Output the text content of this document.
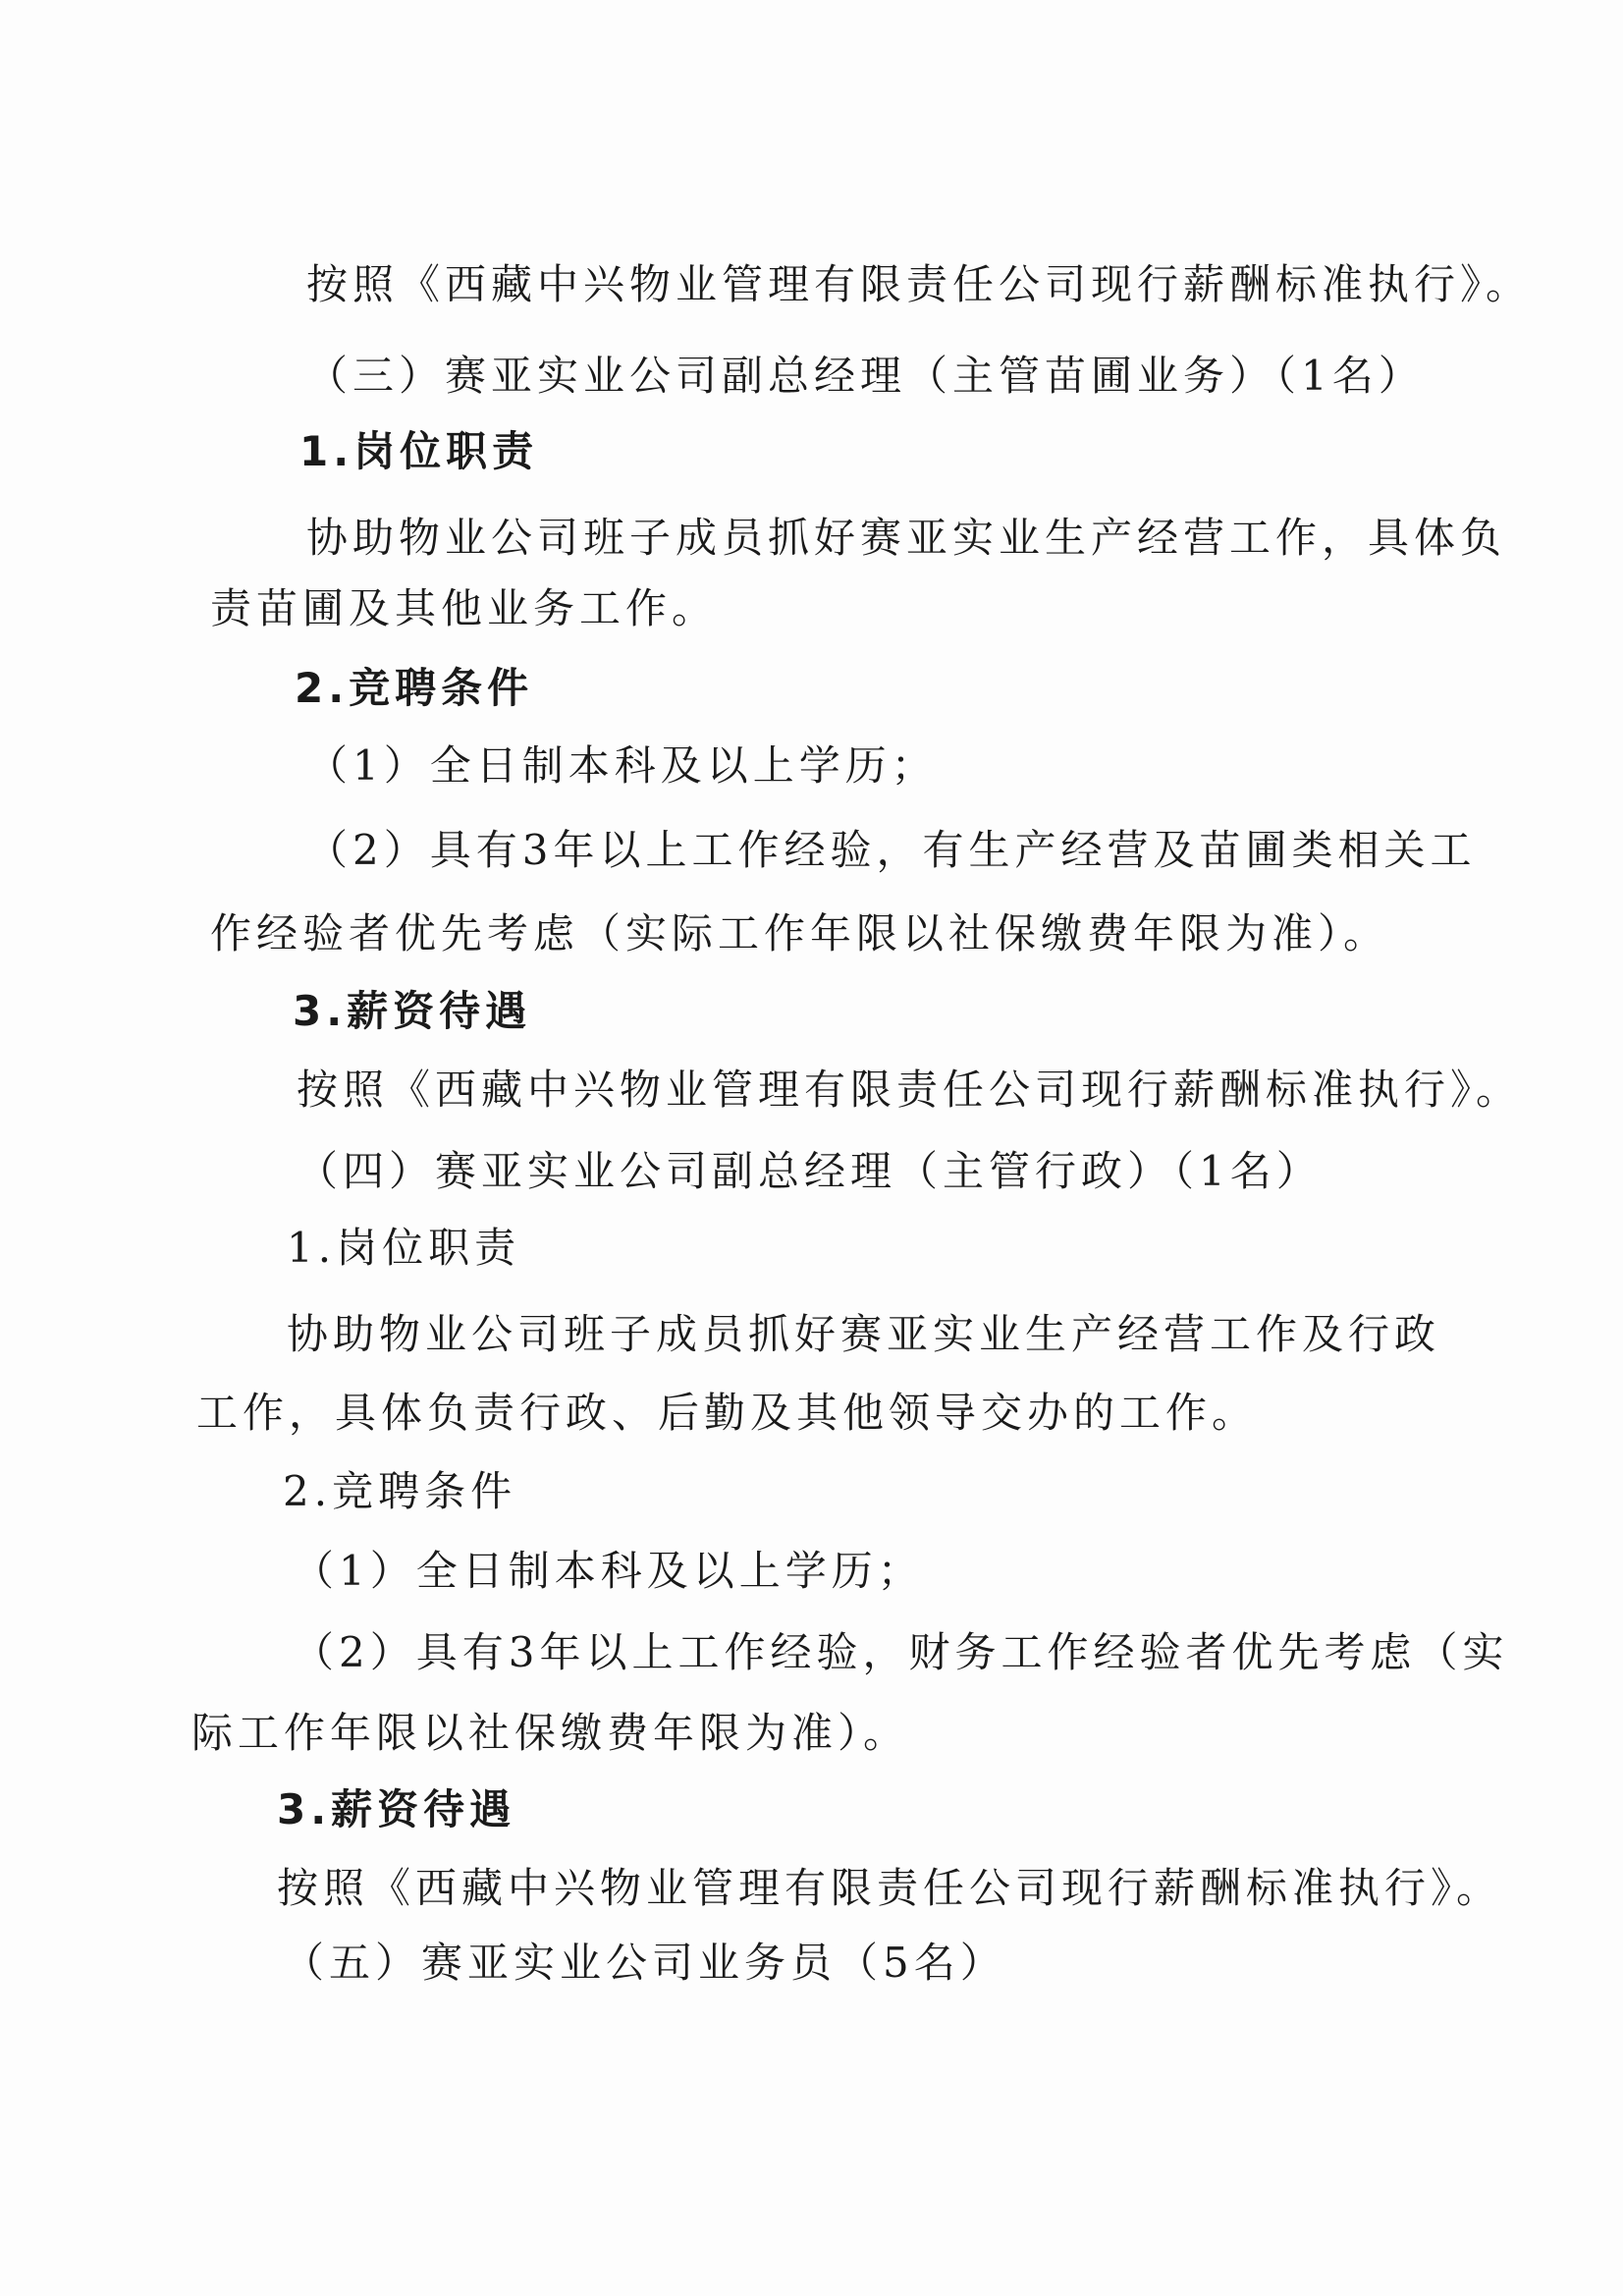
按照《西藏中兴物业管理有限责任公司现行薪酬标准执行》。
（三）赛亚实业公司副总经理（主管苗圃业务）（1名）
1.岗位职责
协助物业公司班子成员抓好赛亚实业生产经营工作，具体负
责苗圃及其他业务工作。
2.竞聘条件
（1）全日制本科及以上学历；
（2）具有3年以上工作经验，有生产经营及苗圃类相关工
作经验者优先考虑（实际工作年限以社保缴费年限为准）。
3.薪资待遇
按照《西藏中兴物业管理有限责任公司现行薪酬标准执行》。
（四）赛亚实业公司副总经理（主管行政）（1名）
1.岗位职责
协助物业公司班子成员抓好赛亚实业生产经营工作及行政
工作，具体负责行政、后勤及其他领导交办的工作。
2.竞聘条件
（1）全日制本科及以上学历；
（2）具有3年以上工作经验，财务工作经验者优先考虑（实
际工作年限以社保缴费年限为准）。
3.薪资待遇
按照《西藏中兴物业管理有限责任公司现行薪酬标准执行》。
（五）赛亚实业公司业务员（5名）
